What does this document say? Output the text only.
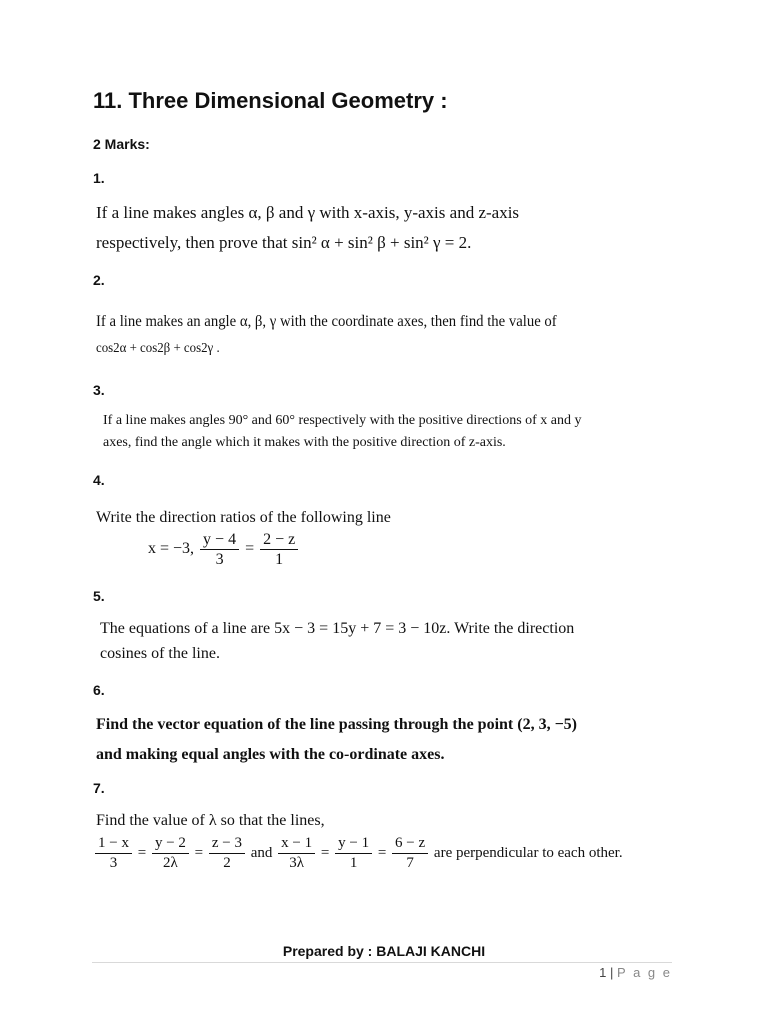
11. Three Dimensional Geometry :
2 Marks:
1.
If a line makes angles α, β and γ with x-axis, y-axis and z-axis
respectively, then prove that sin² α + sin² β + sin² γ = 2.
2.
If a line makes an angle α, β, γ with the coordinate axes, then find the value of
cos2α + cos2β + cos2γ .
3.
If a line makes angles 90° and 60° respectively with the positive directions of x and y
axes, find the angle which it makes with the positive direction of z-axis.
4.
Write the direction ratios of the following line
x = −3, $\frac{y - 4}{3} = \frac{2 - z}{1}$
5.
The equations of a line are 5x − 3 = 15y + 7 = 3 − 10z. Write the direction
cosines of the line.
6.
Find the vector equation of the line passing through the point (2, 3, −5)
and making equal angles with the co-ordinate axes.
7.
Find the value of λ so that the lines,
$\frac{1 - x}{3} = \frac{y - 2}{2\lambda} = \frac{z - 3}{2}$ and $\frac{x - 1}{3\lambda} = \frac{y - 1}{1} = \frac{6 - z}{7}$ are perpendicular to each other.
Prepared by : BALAJI KANCHI
1 | P a g e
